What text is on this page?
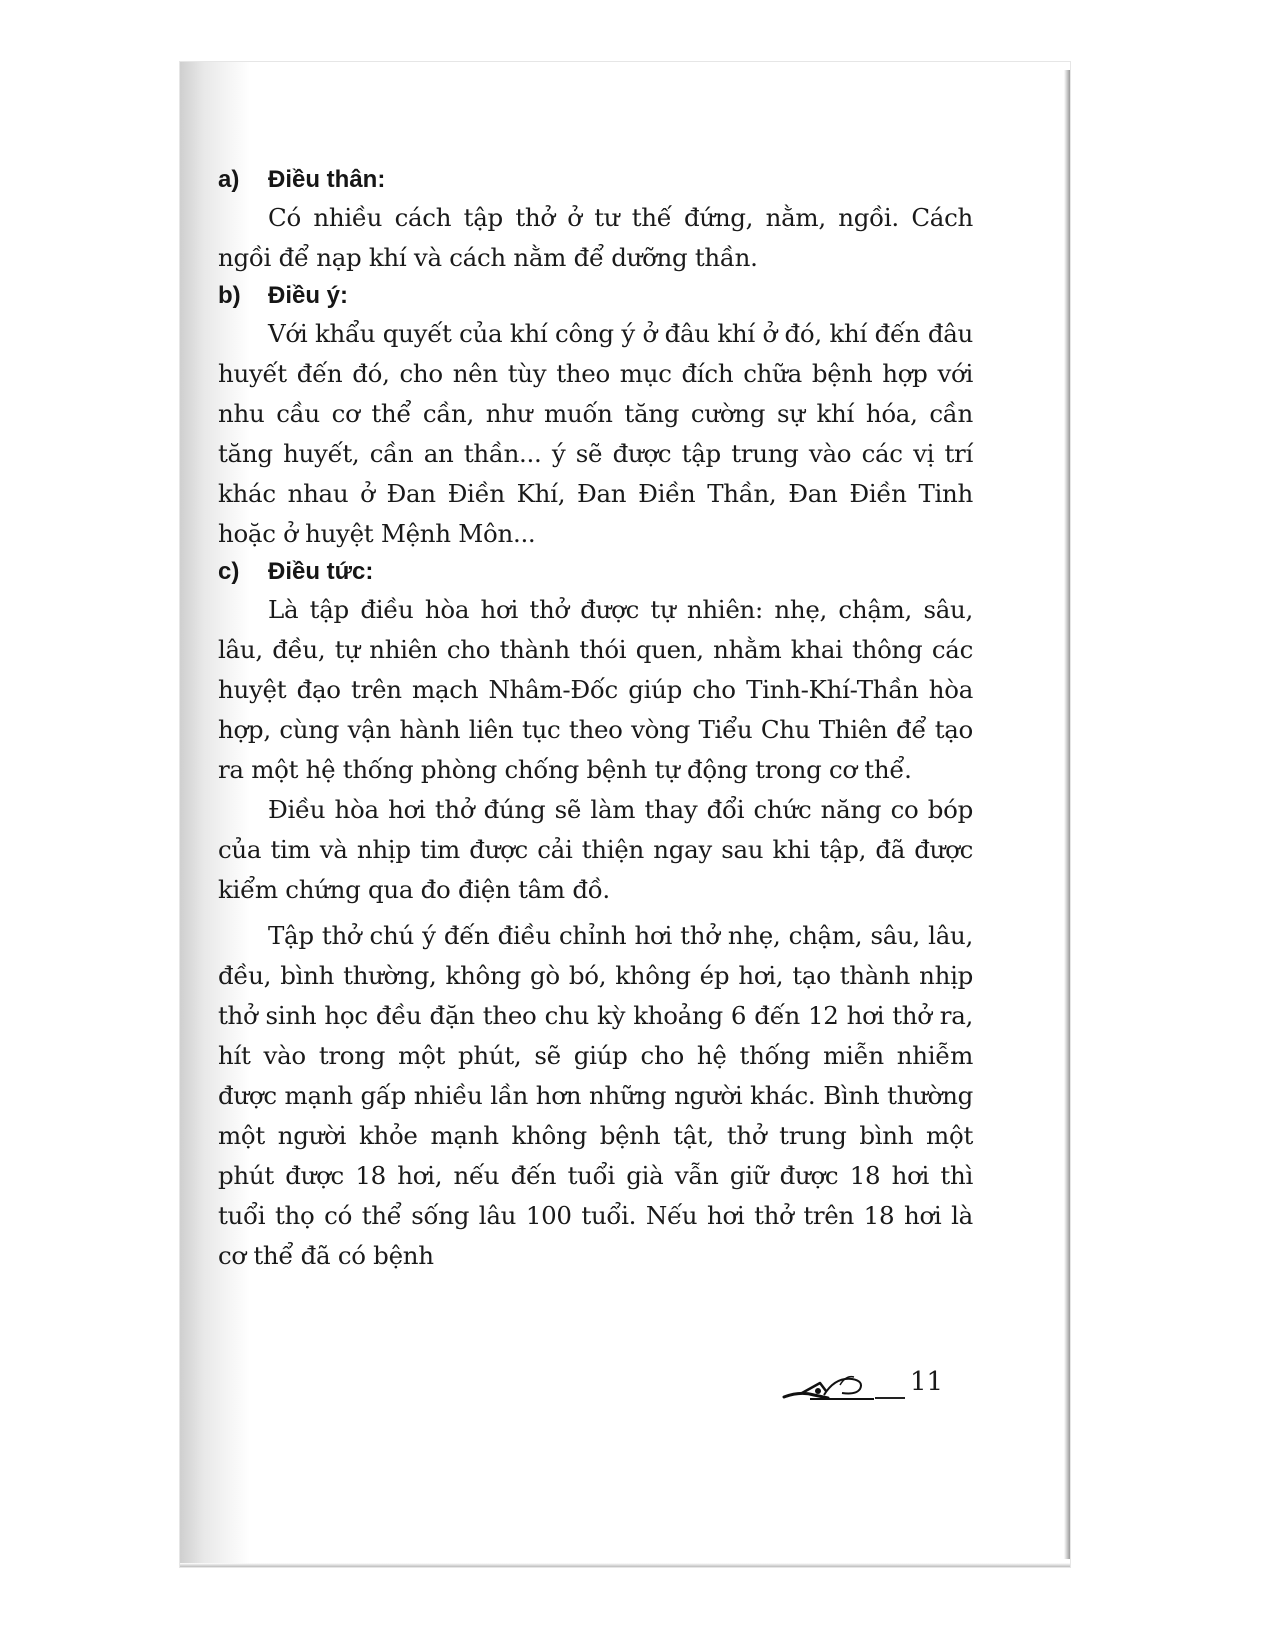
a) Điều thân:

Có nhiều cách tập thở ở tư thế đứng, nằm, ngồi. Cách ngồi để nạp khí và cách nằm để dưỡng thần.

b) Điều ý:

Với khẩu quyết của khí công ý ở đâu khí ở đó, khí đến đâu huyết đến đó, cho nên tùy theo mục đích chữa bệnh hợp với nhu cầu cơ thể cần, như muốn tăng cường sự khí hóa, cần tăng huyết, cần an thần... ý sẽ được tập trung vào các vị trí khác nhau ở Đan Điền Khí, Đan Điền Thần, Đan Điền Tinh hoặc ở huyệt Mệnh Môn...

c) Điều tức:

Là tập điều hòa hơi thở được tự nhiên: nhẹ, chậm, sâu, lâu, đều, tự nhiên cho thành thói quen, nhằm khai thông các huyệt đạo trên mạch Nhâm-Đốc giúp cho Tinh-Khí-Thần hòa hợp, cùng vận hành liên tục theo vòng Tiểu Chu Thiên để tạo ra một hệ thống phòng chống bệnh tự động trong cơ thể.

Điều hòa hơi thở đúng sẽ làm thay đổi chức năng co bóp của tim và nhịp tim được cải thiện ngay sau khi tập, đã được kiểm chứng qua đo điện tâm đồ.

Tập thở chú ý đến điều chỉnh hơi thở nhẹ, chậm, sâu, lâu, đều, bình thường, không gò bó, không ép hơi, tạo thành nhịp thở sinh học đều đặn theo chu kỳ khoảng 6 đến 12 hơi thở ra, hít vào trong một phút, sẽ giúp cho hệ thống miễn nhiễm được mạnh gấp nhiều lần hơn những người khác. Bình thường một người khỏe mạnh không bệnh tật, thở trung bình một phút được 18 hơi, nếu đến tuổi già vẫn giữ được 18 hơi thì tuổi thọ có thể sống lâu 100 tuổi. Nếu hơi thở trên 18 hơi là cơ thể đã có bệnh

11
